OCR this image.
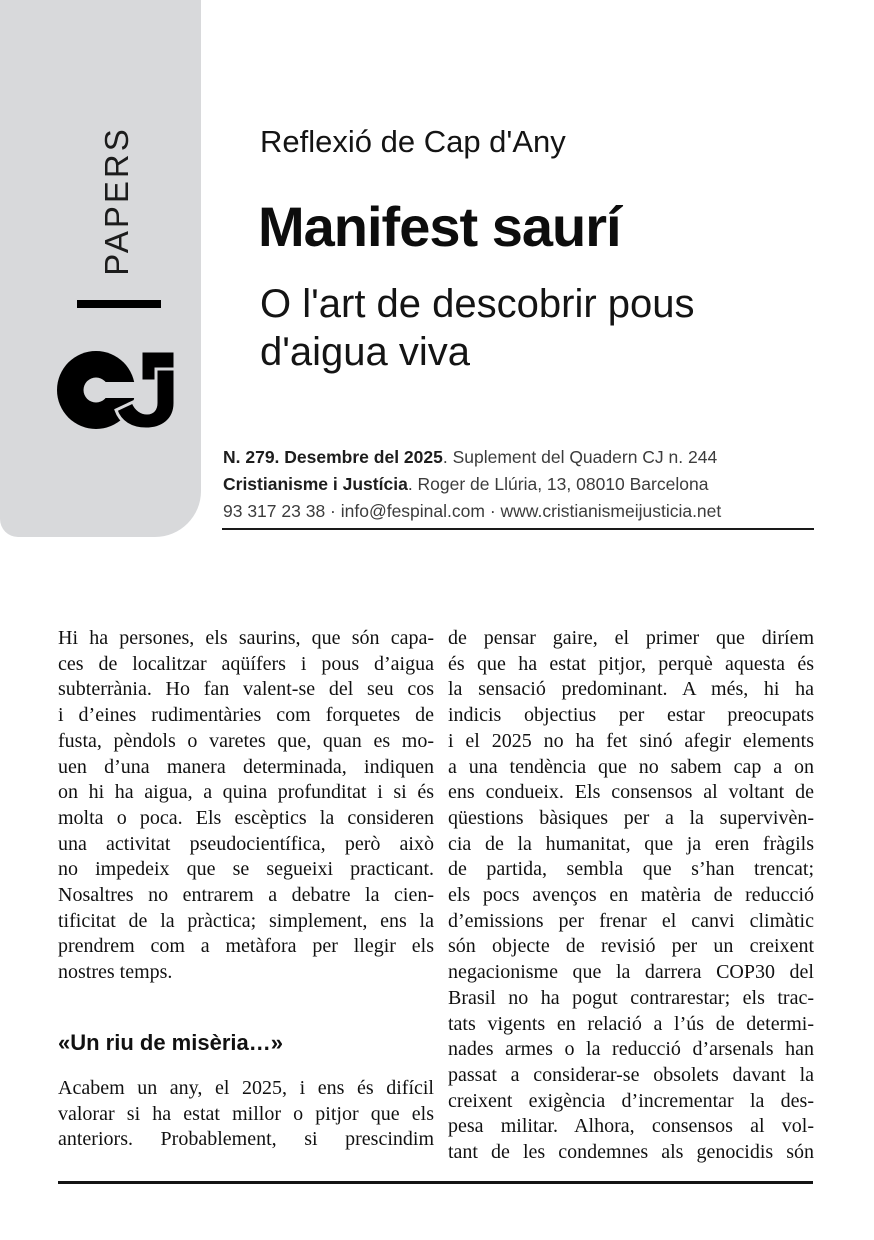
PAPERS	Reflexió de Cap d'Any
Manifest saurí
O l'art de descobrir pous d'aigua viva
N. 279. Desembre del 2025. Suplement del Quadern CJ n. 244
Cristianisme i Justícia. Roger de Llúria, 13, 08010 Barcelona
93 317 23 38 · info@fespinal.com · www.cristianismeijusticia.net
Hi ha persones, els saurins, que són capa-
ces de localitzar aqüífers i pous d’aigua
subterrània. Ho fan valent-se del seu cos
i d’eines rudimentàries com forquetes de
fusta, pèndols o varetes que, quan es mo-
uen d’una manera determinada, indiquen
on hi ha aigua, a quina profunditat i si és
molta o poca. Els escèptics la consideren
una activitat pseudocientífica, però això
no impedeix que se segueixi practicant.
Nosaltres no entrarem a debatre la cien-
tificitat de la pràctica; simplement, ens la
prendrem com a metàfora per llegir els
nostres temps.
«Un riu de misèria…»
Acabem un any, el 2025, i ens és difícil
valorar si ha estat millor o pitjor que els
anteriors. Probablement, si prescindim
de pensar gaire, el primer que diríem
és que ha estat pitjor, perquè aquesta és
la sensació predominant. A més, hi ha
indicis objectius per estar preocupats
i el 2025 no ha fet sinó afegir elements
a una tendència que no sabem cap a on
ens condueix. Els consensos al voltant de
qüestions bàsiques per a la supervivèn-
cia de la humanitat, que ja eren fràgils
de partida, sembla que s’han trencat;
els pocs avenços en matèria de reducció
d’emissions per frenar el canvi climàtic
són objecte de revisió per un creixent
negacionisme que la darrera COP30 del
Brasil no ha pogut contrarestar; els trac-
tats vigents en relació a l’ús de determi-
nades armes o la reducció d’arsenals han
passat a considerar-se obsolets davant la
creixent exigència d’incrementar la des-
pesa militar. Alhora, consensos al vol-
tant de les condemnes als genocidis són
